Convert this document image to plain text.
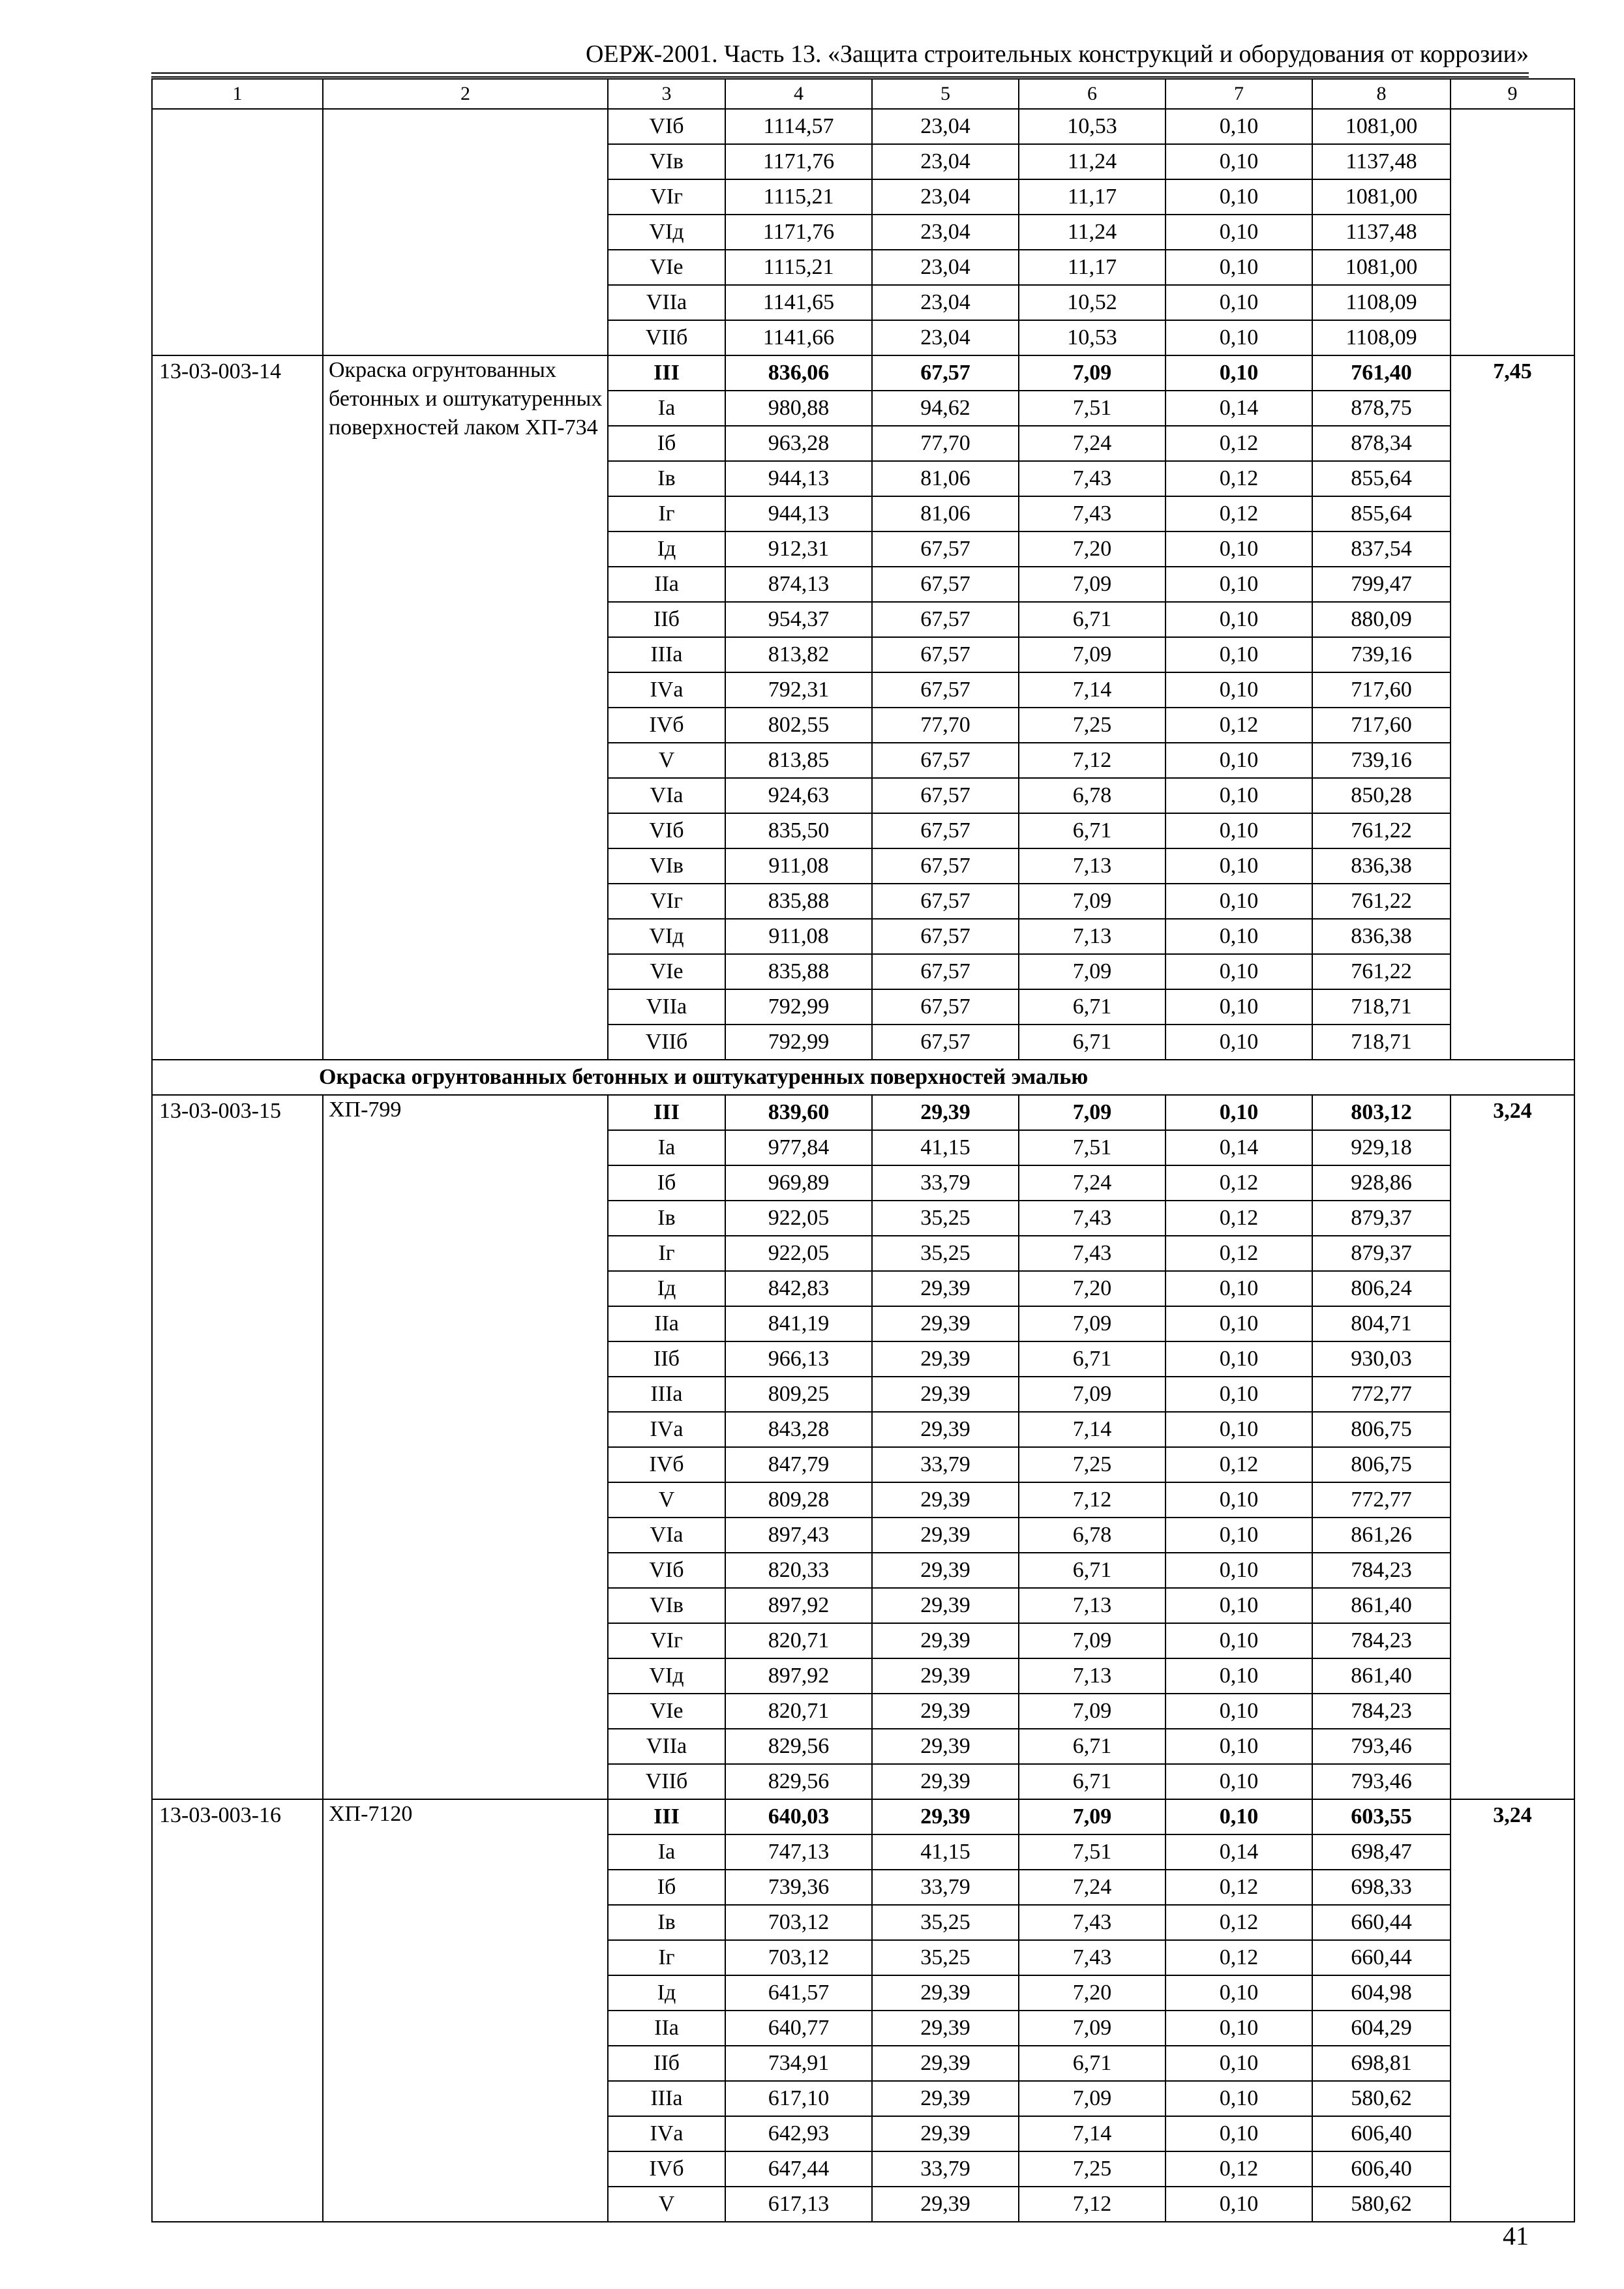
ОЕРЖ-2001. Часть 13. «Защита строительных конструкций и оборудования от коррозии»
1	2	3	4	5	6	7	8	9
		VIб	1114,57	23,04	10,53	0,10	1081,00	
		VIв	1171,76	23,04	11,24	0,10	1137,48	
		VIг	1115,21	23,04	11,17	0,10	1081,00	
		VIд	1171,76	23,04	11,24	0,10	1137,48	
		VIе	1115,21	23,04	11,17	0,10	1081,00	
		VIIа	1141,65	23,04	10,52	0,10	1108,09	
		VIIб	1141,66	23,04	10,53	0,10	1108,09	
13-03-003-14	Окраска огрунтованных бетонных и оштукатуренных поверхностей лаком ХП-734	III	836,06	67,57	7,09	0,10	761,40	7,45
		Iа	980,88	94,62	7,51	0,14	878,75	
		Iб	963,28	77,70	7,24	0,12	878,34	
		Iв	944,13	81,06	7,43	0,12	855,64	
		Iг	944,13	81,06	7,43	0,12	855,64	
		Iд	912,31	67,57	7,20	0,10	837,54	
		IIа	874,13	67,57	7,09	0,10	799,47	
		IIб	954,37	67,57	6,71	0,10	880,09	
		IIIа	813,82	67,57	7,09	0,10	739,16	
		IVа	792,31	67,57	7,14	0,10	717,60	
		IVб	802,55	77,70	7,25	0,12	717,60	
		V	813,85	67,57	7,12	0,10	739,16	
		VIа	924,63	67,57	6,78	0,10	850,28	
		VIб	835,50	67,57	6,71	0,10	761,22	
		VIв	911,08	67,57	7,13	0,10	836,38	
		VIг	835,88	67,57	7,09	0,10	761,22	
		VIд	911,08	67,57	7,13	0,10	836,38	
		VIе	835,88	67,57	7,09	0,10	761,22	
		VIIа	792,99	67,57	6,71	0,10	718,71	
		VIIб	792,99	67,57	6,71	0,10	718,71	
Окраска огрунтованных бетонных и оштукатуренных поверхностей эмалью								
13-03-003-15	ХП-799	III	839,60	29,39	7,09	0,10	803,12	3,24
		Iа	977,84	41,15	7,51	0,14	929,18	
		Iб	969,89	33,79	7,24	0,12	928,86	
		Iв	922,05	35,25	7,43	0,12	879,37	
		Iг	922,05	35,25	7,43	0,12	879,37	
		Iд	842,83	29,39	7,20	0,10	806,24	
		IIа	841,19	29,39	7,09	0,10	804,71	
		IIб	966,13	29,39	6,71	0,10	930,03	
		IIIа	809,25	29,39	7,09	0,10	772,77	
		IVа	843,28	29,39	7,14	0,10	806,75	
		IVб	847,79	33,79	7,25	0,12	806,75	
		V	809,28	29,39	7,12	0,10	772,77	
		VIа	897,43	29,39	6,78	0,10	861,26	
		VIб	820,33	29,39	6,71	0,10	784,23	
		VIв	897,92	29,39	7,13	0,10	861,40	
		VIг	820,71	29,39	7,09	0,10	784,23	
		VIд	897,92	29,39	7,13	0,10	861,40	
		VIе	820,71	29,39	7,09	0,10	784,23	
		VIIа	829,56	29,39	6,71	0,10	793,46	
		VIIб	829,56	29,39	6,71	0,10	793,46	
13-03-003-16	ХП-7120	III	640,03	29,39	7,09	0,10	603,55	3,24
		Iа	747,13	41,15	7,51	0,14	698,47	
		Iб	739,36	33,79	7,24	0,12	698,33	
		Iв	703,12	35,25	7,43	0,12	660,44	
		Iг	703,12	35,25	7,43	0,12	660,44	
		Iд	641,57	29,39	7,20	0,10	604,98	
		IIа	640,77	29,39	7,09	0,10	604,29	
		IIб	734,91	29,39	6,71	0,10	698,81	
		IIIа	617,10	29,39	7,09	0,10	580,62	
		IVа	642,93	29,39	7,14	0,10	606,40	
		IVб	647,44	33,79	7,25	0,12	606,40	
		V	617,13	29,39	7,12	0,10	580,62	
41
